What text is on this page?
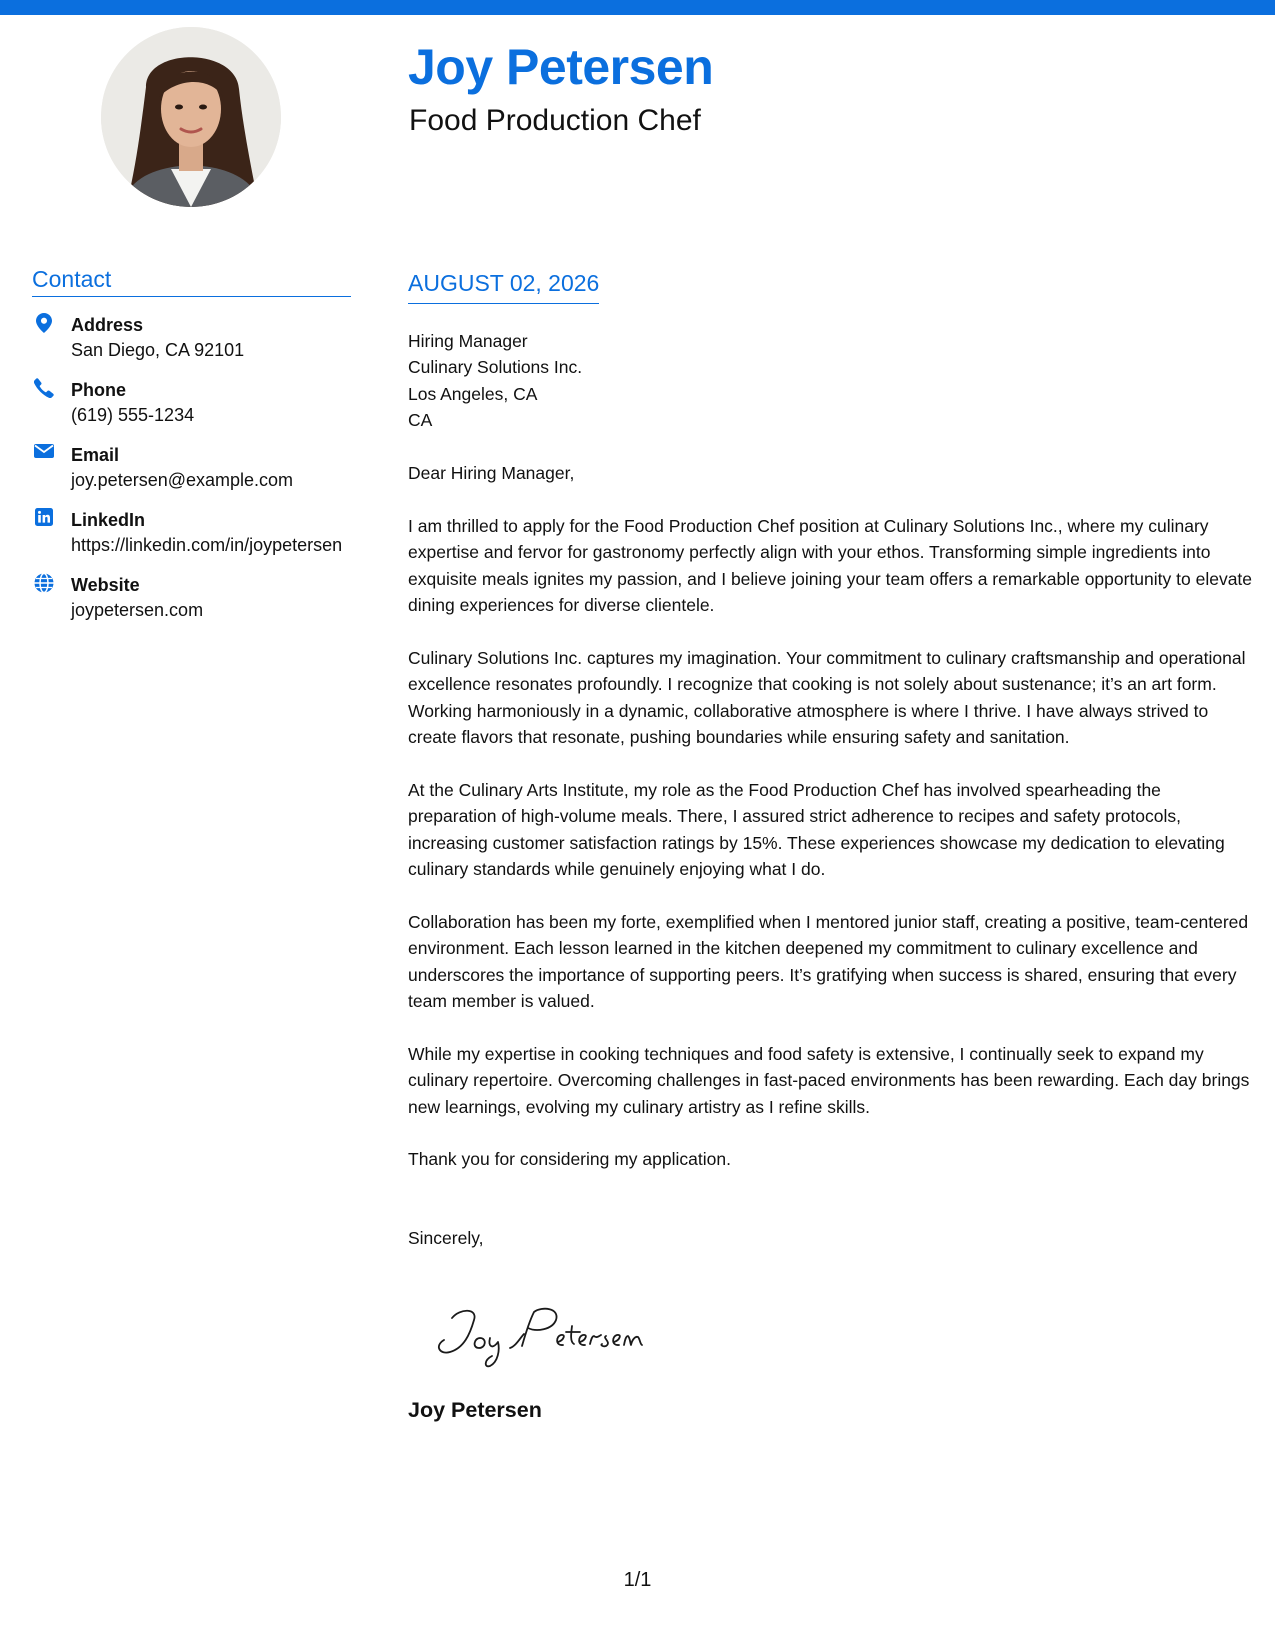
Joy Petersen
Food Production Chef
Contact
Address
San Diego, CA 92101
Phone
(619) 555-1234
Email
joy.petersen@example.com
LinkedIn
https://linkedin.com/in/joypetersen
Website
joypetersen.com
AUGUST 02, 2026
Hiring Manager
Culinary Solutions Inc.
Los Angeles, CA
CA

Dear Hiring Manager,

I am thrilled to apply for the Food Production Chef position at Culinary Solutions Inc., where my culinary expertise and fervor for gastronomy perfectly align with your ethos. Transforming simple ingredients into exquisite meals ignites my passion, and I believe joining your team offers a remarkable opportunity to elevate dining experiences for diverse clientele.

Culinary Solutions Inc. captures my imagination. Your commitment to culinary craftsmanship and operational excellence resonates profoundly. I recognize that cooking is not solely about sustenance; it’s an art form. Working harmoniously in a dynamic, collaborative atmosphere is where I thrive. I have always strived to create flavors that resonate, pushing boundaries while ensuring safety and sanitation.

At the Culinary Arts Institute, my role as the Food Production Chef has involved spearheading the preparation of high-volume meals. There, I assured strict adherence to recipes and safety protocols, increasing customer satisfaction ratings by 15%. These experiences showcase my dedication to elevating culinary standards while genuinely enjoying what I do.

Collaboration has been my forte, exemplified when I mentored junior staff, creating a positive, team-centered environment. Each lesson learned in the kitchen deepened my commitment to culinary excellence and underscores the importance of supporting peers. It’s gratifying when success is shared, ensuring that every team member is valued.

While my expertise in cooking techniques and food safety is extensive, I continually seek to expand my culinary repertoire. Overcoming challenges in fast-paced environments has been rewarding. Each day brings new learnings, evolving my culinary artistry as I refine skills.

Thank you for considering my application.

Sincerely,

Joy Petersen
1/1
